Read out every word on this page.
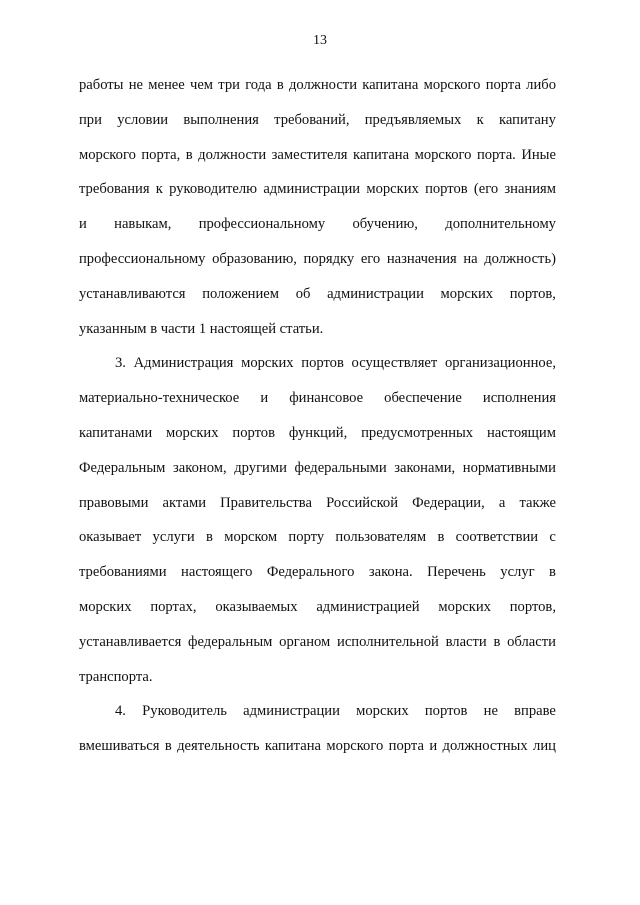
13
работы не менее чем три года в должности капитана морского порта либо
при условии выполнения требований, предъявляемых к капитану
морского порта, в должности заместителя капитана морского порта. Иные
требования к руководителю администрации морских портов (его знаниям
и навыкам, профессиональному обучению, дополнительному
профессиональному образованию, порядку его назначения на должность)
устанавливаются положением об администрации морских портов,
указанным в части 1 настоящей статьи.
3. Администрация морских портов осуществляет организационное,
материально-техническое и финансовое обеспечение исполнения
капитанами морских портов функций, предусмотренных настоящим
Федеральным законом, другими федеральными законами, нормативными
правовыми актами Правительства Российской Федерации, а также
оказывает услуги в морском порту пользователям в соответствии с
требованиями настоящего Федерального закона. Перечень услуг в
морских портах, оказываемых администрацией морских портов,
устанавливается федеральным органом исполнительной власти в области
транспорта.
4. Руководитель администрации морских портов не вправе
вмешиваться в деятельность капитана морского порта и должностных лиц
